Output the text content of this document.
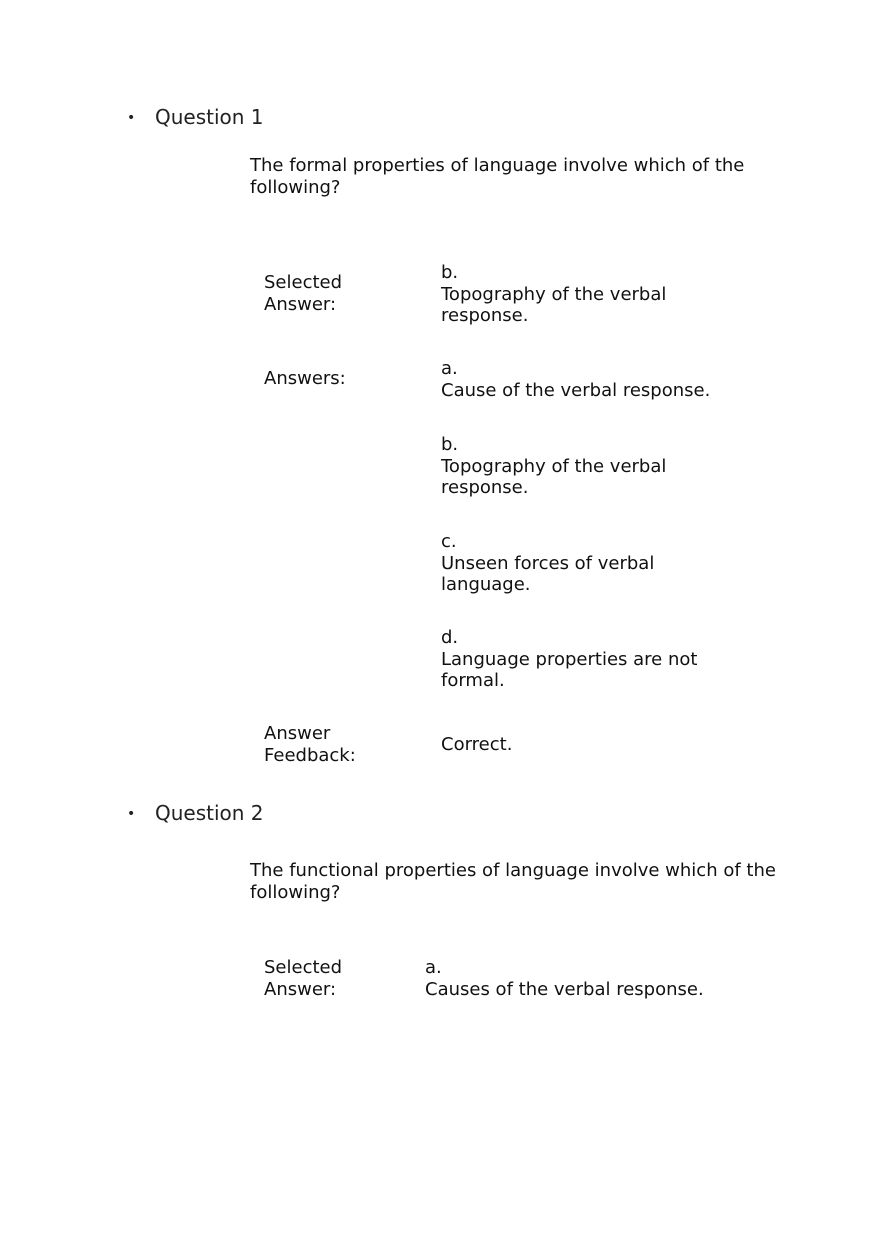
• Question 1
The formal properties of language involve which of the following?
Selected Answer:
b.
Topography of the verbal response.
Answers:	a.
Cause of the verbal response.
b.
Topography of the verbal response.
c.
Unseen forces of verbal language.
d.
Language properties are not formal.
Answer Feedback:
Correct.
• Question 2
The functional properties of language involve which of the following?
Selected Answer:
a.
Causes of the verbal response.
